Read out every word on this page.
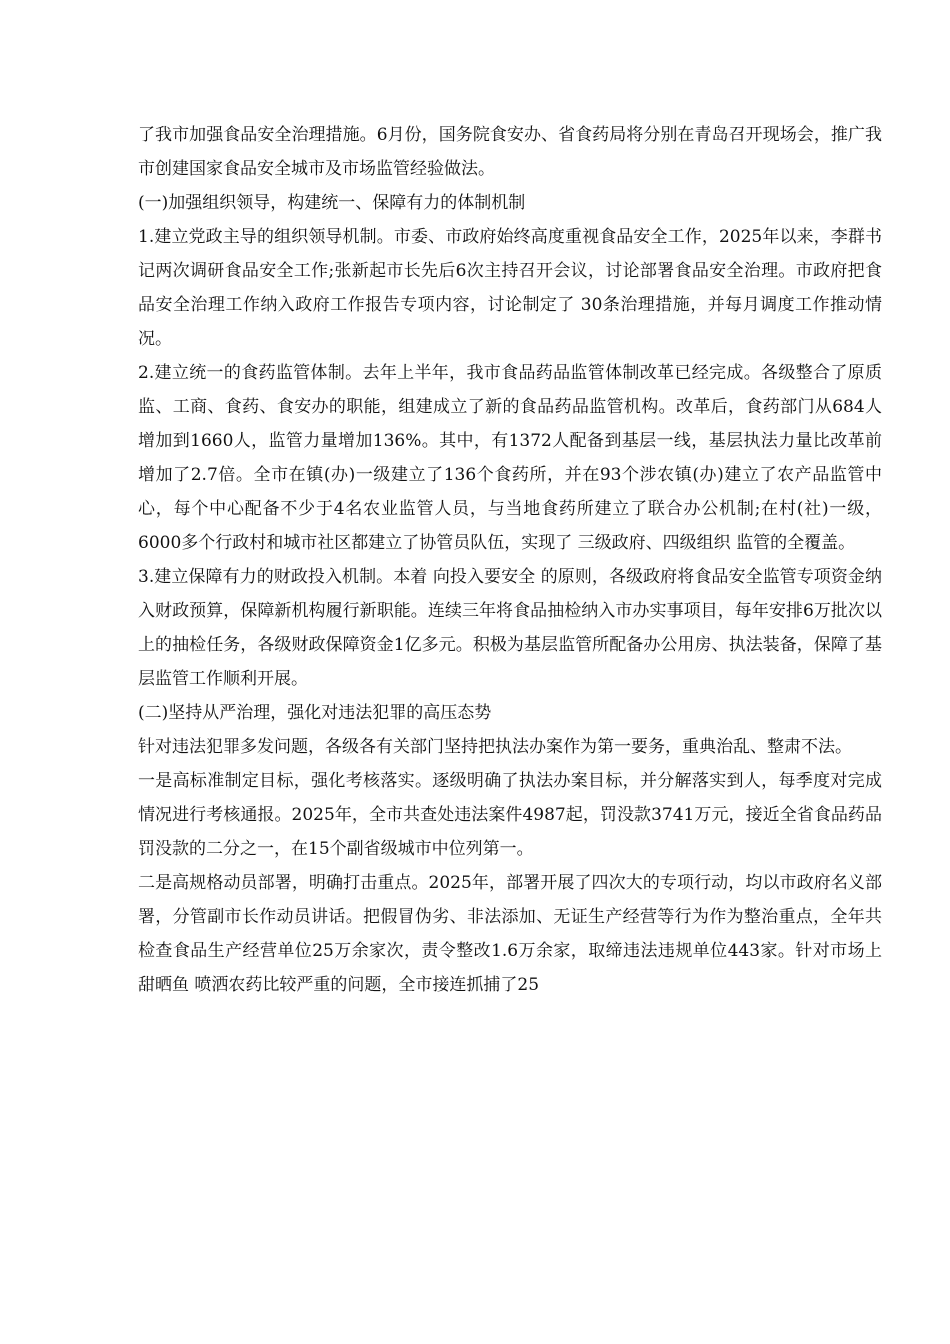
了我市加强食品安全治理措施。6月份，国务院食安办、省食药局将分别在青岛召开现场会，推广我市创建国家食品安全城市及市场监管经验做法。

(一)加强组织领导，构建统一、保障有力的体制机制

1.建立党政主导的组织领导机制。市委、市政府始终高度重视食品安全工作，2025年以来，李群书记两次调研食品安全工作;张新起市长先后6次主持召开会议，讨论部署食品安全治理。市政府把食品安全治理工作纳入政府工作报告专项内容，讨论制定了 30条治理措施，并每月调度工作推动情况。

2.建立统一的食药监管体制。去年上半年，我市食品药品监管体制改革已经完成。各级整合了原质监、工商、食药、食安办的职能，组建成立了新的食品药品监管机构。改革后，食药部门从684人增加到1660人，监管力量增加136%。其中，有1372人配备到基层一线，基层执法力量比改革前增加了2.7倍。全市在镇(办)一级建立了136个食药所，并在93个涉农镇(办)建立了农产品监管中心，每个中心配备不少于4名农业监管人员，与当地食药所建立了联合办公机制;在村(社)一级，6000多个行政村和城市社区都建立了协管员队伍，实现了 三级政府、四级组织 监管的全覆盖。

3.建立保障有力的财政投入机制。本着 向投入要安全 的原则，各级政府将食品安全监管专项资金纳入财政预算，保障新机构履行新职能。连续三年将食品抽检纳入市办实事项目，每年安排6万批次以上的抽检任务，各级财政保障资金1亿多元。积极为基层监管所配备办公用房、执法装备，保障了基层监管工作顺利开展。

(二)坚持从严治理，强化对违法犯罪的高压态势

针对违法犯罪多发问题，各级各有关部门坚持把执法办案作为第一要务，重典治乱、整肃不法。

一是高标准制定目标，强化考核落实。逐级明确了执法办案目标，并分解落实到人，每季度对完成情况进行考核通报。2025年，全市共查处违法案件4987起，罚没款3741万元，接近全省食品药品罚没款的二分之一，在15个副省级城市中位列第一。

二是高规格动员部署，明确打击重点。2025年，部署开展了四次大的专项行动，均以市政府名义部署，分管副市长作动员讲话。把假冒伪劣、非法添加、无证生产经营等行为作为整治重点，全年共检查食品生产经营单位25万余家次，责令整改1.6万余家，取缔违法违规单位443家。针对市场上 甜晒鱼 喷洒农药比较严重的问题，全市接连抓捕了25
